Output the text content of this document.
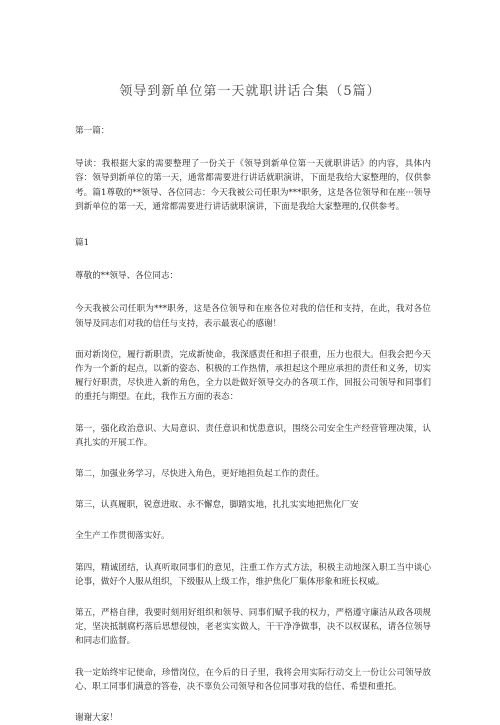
领导到新单位第一天就职讲话合集（5篇）

第一篇：

导读：我根据大家的需要整理了一份关于《领导到新单位第一天就职讲话》的内容，具体内容：领导到新单位的第一天，通常都需要进行讲话就职演讲，下面是我给大家整理的，仅供参考。篇1尊敬的**领导、各位同志：今天我被公司任职为***职务，这是各位领导和在座···领导到新单位的第一天，通常都需要进行讲话就职演讲，下面是我给大家整理的,仅供参考。

篇1

尊敬的**领导、各位同志：

今天我被公司任职为***职务，这是各位领导和在座各位对我的信任和支持，在此，我对各位领导及同志们对我的信任与支持，表示最衷心的感谢！

面对新岗位，履行新职责，完成新使命，我深感责任和担子很重，压力也很大。但我会把今天作为一个新的起点，以新的姿态、积极的工作热情，承担起这个理应承担的责任和义务，切实履行好职责，尽快进入新的角色，全力以赴做好领导交办的各项工作，回报公司领导和同事们的重托与期望。在此，我作五方面的表态：

第一，强化政治意识、大局意识、责任意识和忧患意识，围绕公司安全生产经营管理决策，认真扎实的开展工作。

第二，加强业务学习，尽快进入角色，更好地担负起工作的责任。

第三，认真履职，锐意进取、永不懈怠，脚踏实地，扎扎实实地把焦化厂安

全生产工作贯彻落实好。

第四，精诚团结，认真听取同事们的意见，注重工作方式方法，积极主动地深入职工当中谈心论事，做好个人服从组织，下级服从上级工作，维护焦化厂集体形象和班长权威。

第五，严格自律，我要时刻用好组织和领导、同事们赋予我的权力，严格遵守廉洁从政各项规定，坚决抵制腐朽落后思想侵蚀，老老实实做人，干干净净做事，决不以权谋私，请各位领导和同志们监督。

我一定始终牢记使命，珍惜岗位，在今后的日子里，我将会用实际行动交上一份让公司领导放心、职工同事们满意的答卷，决不辜负公司领导和各位同事对我的信任、希望和重托。

谢谢大家！
